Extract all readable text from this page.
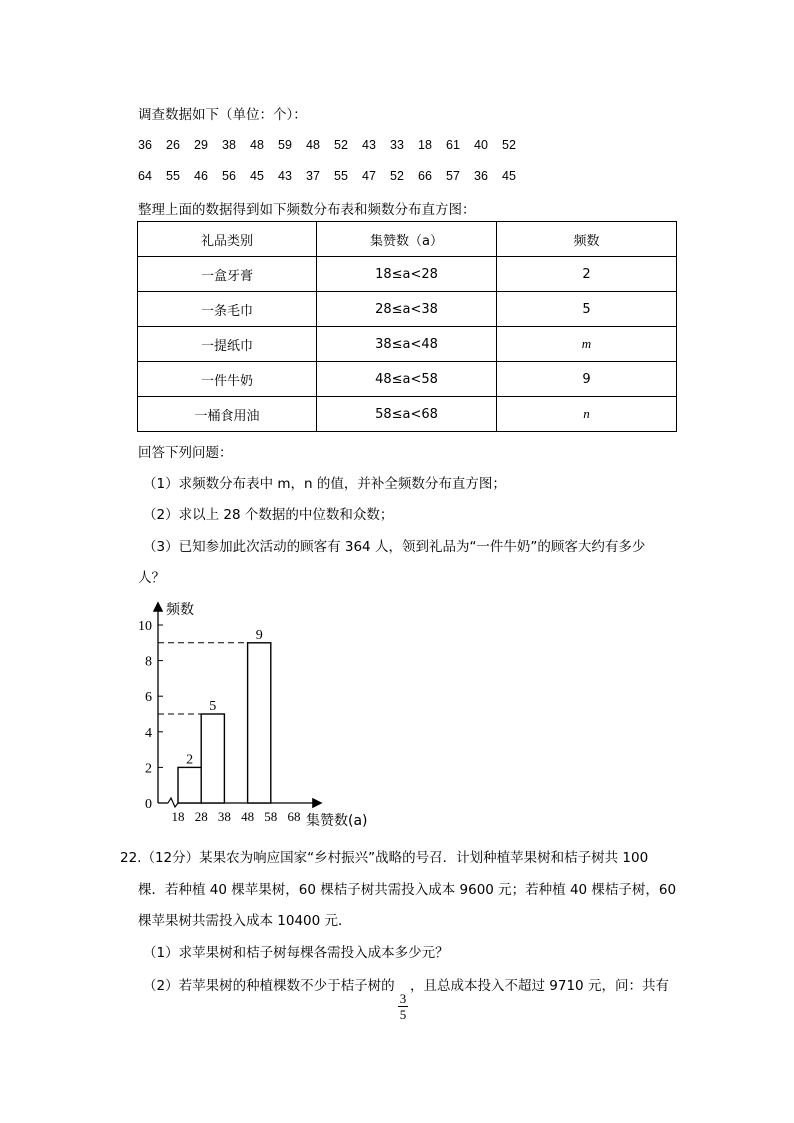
调查数据如下（单位：个）：
36 26 29 38 48 59 48 52 43 33 18 61 40 52
64 55 46 56 45 43 37 55 47 52 66 57 36 45
整理上面的数据得到如下频数分布表和频数分布直方图：
礼品类别	集赞数（a）	频数
一盒牙膏	18≤a<28	2
一条毛巾	28≤a<38	5
一提纸巾	38≤a<48	m
一件牛奶	48≤a<58	9
一桶食用油	58≤a<68	n
回答下列问题：
（1）求频数分布表中 m，n 的值，并补全频数分布直方图；
（2）求以上 28 个数据的中位数和众数；
（3）已知参加此次活动的顾客有 364 人，领到礼品为“一件牛奶”的顾客大约有多少
人？
0
2
4
6
8
10
2
5
9
18 28 38 48 58 68
频数
集赞数(a)
22.（12分）某果农为响应国家“乡村振兴”战略的号召．计划种植苹果树和桔子树共 100
棵．若种植 40 棵苹果树，60 棵桔子树共需投入成本 9600 元；若种植 40 棵桔子树，60
棵苹果树共需投入成本 10400 元．
（1）求苹果树和桔子树每棵各需投入成本多少元？
（2）若苹果树的种植棵数不少于桔子树的
3
5
，且总成本投入不超过 9710 元，问：共有
